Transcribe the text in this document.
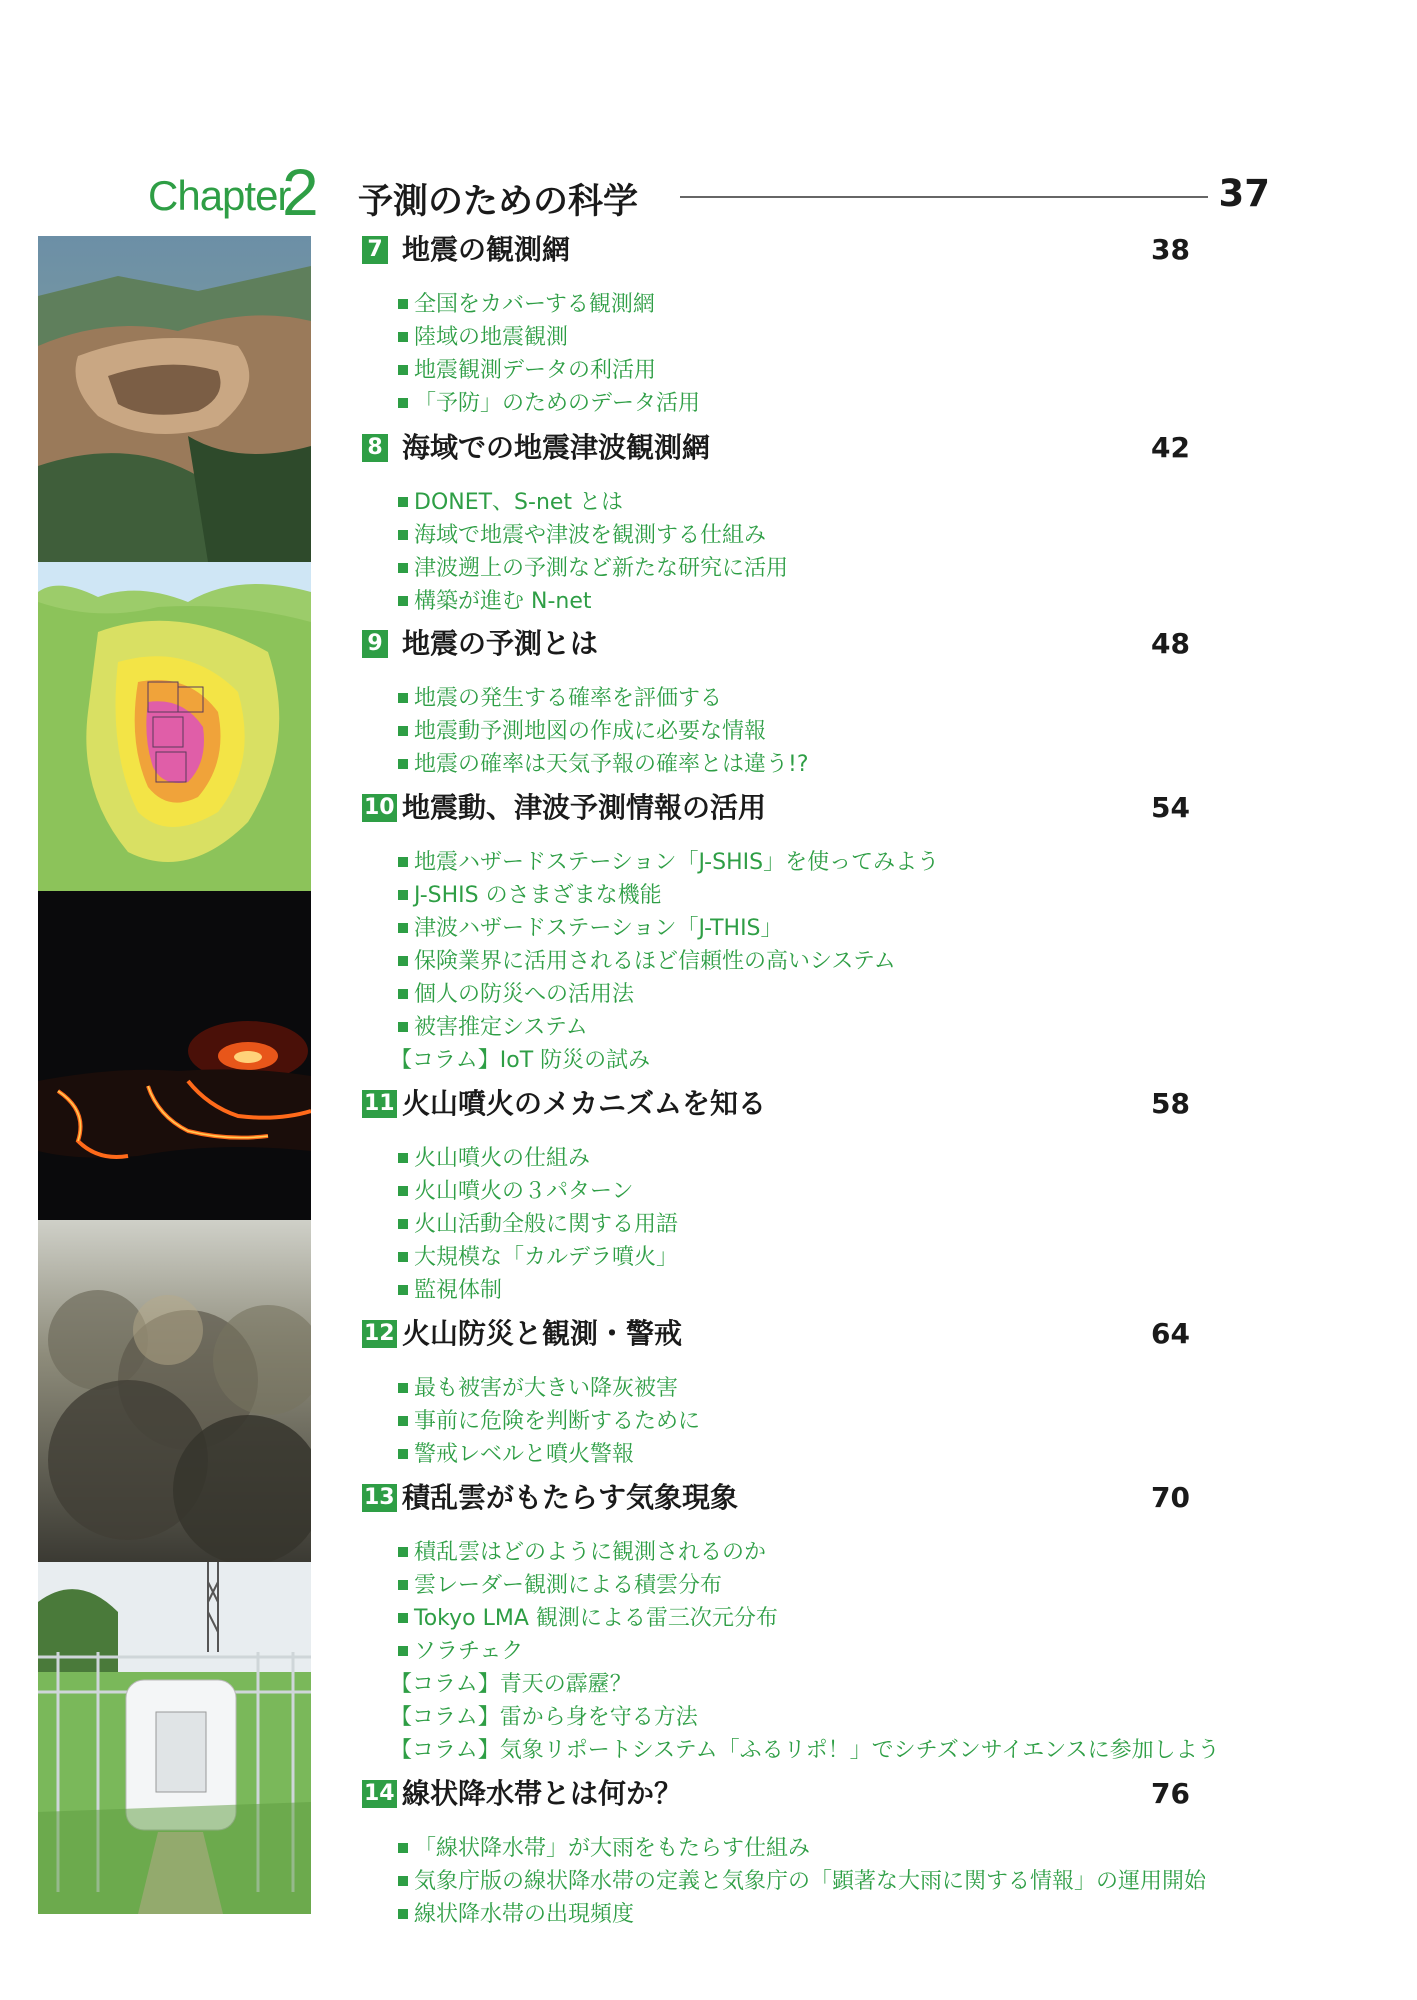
Chapter
2 予測のための科学	37
7 地震の観測網	38
全国をカバーする観測網
陸域の地震観測
地震観測データの利活用
「予防」のためのデータ活用
8 海域での地震津波観測網	42
DONET、S-net とは
海域で地震や津波を観測する仕組み
津波遡上の予測など新たな研究に活用
構築が進む N-net
9 地震の予測とは	48
地震の発生する確率を評価する
地震動予測地図の作成に必要な情報
地震の確率は天気予報の確率とは違う!?
10 地震動、津波予測情報の活用	54
地震ハザードステーション「J-SHIS」を使ってみよう
J-SHIS のさまざまな機能
津波ハザードステーション「J-THIS」
保険業界に活用されるほど信頼性の高いシステム
個人の防災への活用法
被害推定システム
【コラム】IoT 防災の試み
11 火山噴火のメカニズムを知る	58
火山噴火の仕組み
火山噴火の３パターン
火山活動全般に関する用語
大規模な「カルデラ噴火」
監視体制
12 火山防災と観測・警戒	64
最も被害が大きい降灰被害
事前に危険を判断するために
警戒レベルと噴火警報
13 積乱雲がもたらす気象現象	70
積乱雲はどのように観測されるのか
雲レーダー観測による積雲分布
Tokyo LMA 観測による雷三次元分布
ソラチェク
【コラム】青天の霹靂？
【コラム】雷から身を守る方法
【コラム】気象リポートシステム「ふるリポ！」でシチズンサイエンスに参加しよう
14 線状降水帯とは何か？	76
「線状降水帯」が大雨をもたらす仕組み
気象庁版の線状降水帯の定義と気象庁の「顕著な大雨に関する情報」の運用開始
線状降水帯の出現頻度
